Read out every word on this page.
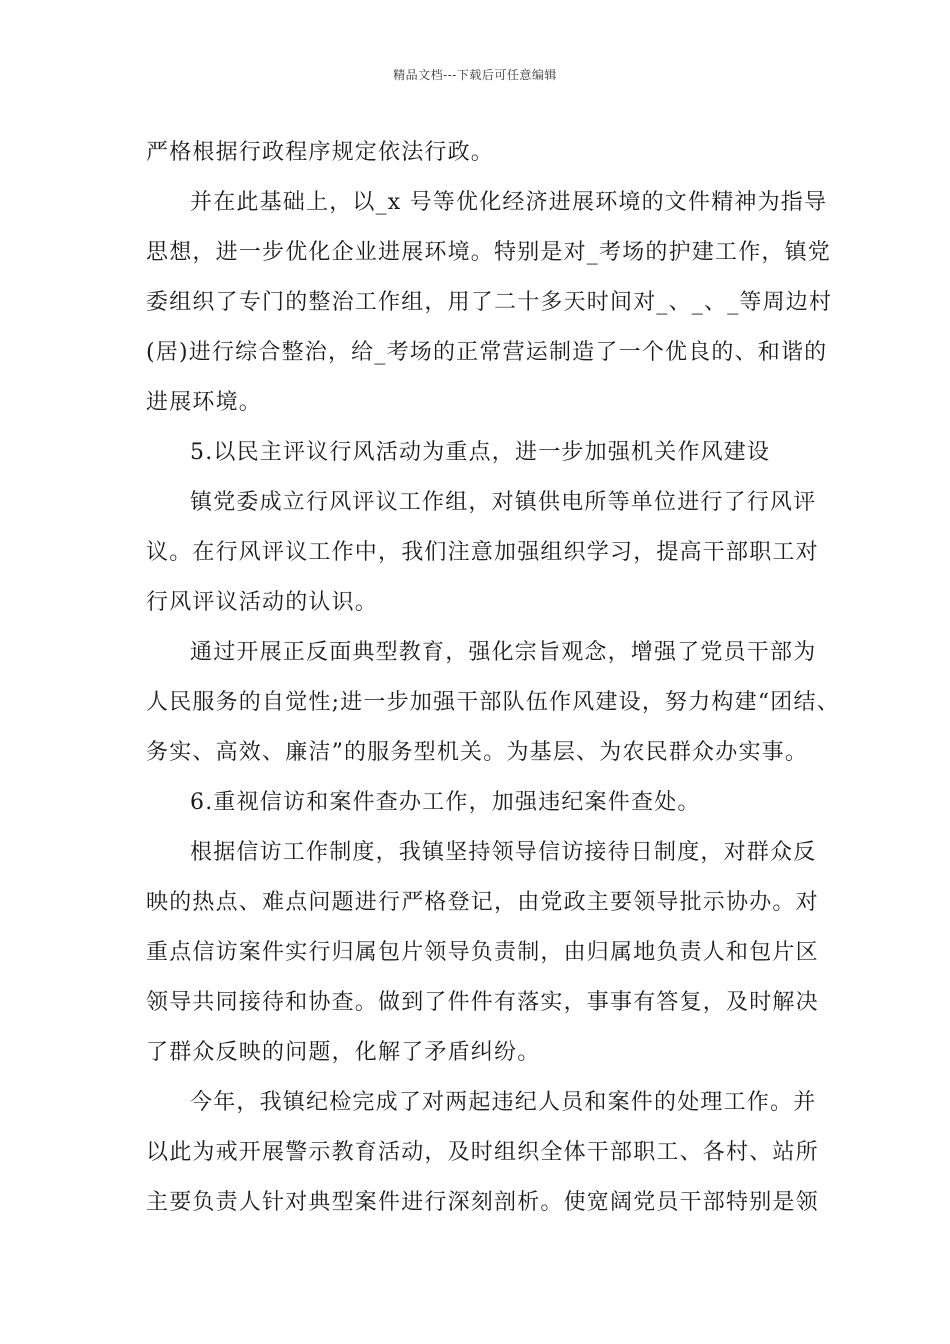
精品文档---下载后可任意编辑
严格根据行政程序规定依法行政。
并在此基础上，以_x 号等优化经济进展环境的文件精神为指导
思想，进一步优化企业进展环境。特别是对_考场的护建工作，镇党
委组织了专门的整治工作组，用了二十多天时间对_、_、_等周边村
(居)进行综合整治，给_考场的正常营运制造了一个优良的、和谐的
进展环境。
5.以民主评议行风活动为重点，进一步加强机关作风建设
镇党委成立行风评议工作组，对镇供电所等单位进行了行风评
议。在行风评议工作中，我们注意加强组织学习，提高干部职工对
行风评议活动的认识。
通过开展正反面典型教育，强化宗旨观念，增强了党员干部为
人民服务的自觉性;进一步加强干部队伍作风建设，努力构建“团结、
务实、高效、廉洁”的服务型机关。为基层、为农民群众办实事。
6.重视信访和案件查办工作，加强违纪案件查处。
根据信访工作制度，我镇坚持领导信访接待日制度，对群众反
映的热点、难点问题进行严格登记，由党政主要领导批示协办。对
重点信访案件实行归属包片领导负责制，由归属地负责人和包片区
领导共同接待和协查。做到了件件有落实，事事有答复，及时解决
了群众反映的问题，化解了矛盾纠纷。
今年，我镇纪检完成了对两起违纪人员和案件的处理工作。并
以此为戒开展警示教育活动，及时组织全体干部职工、各村、站所
主要负责人针对典型案件进行深刻剖析。使宽阔党员干部特别是领
